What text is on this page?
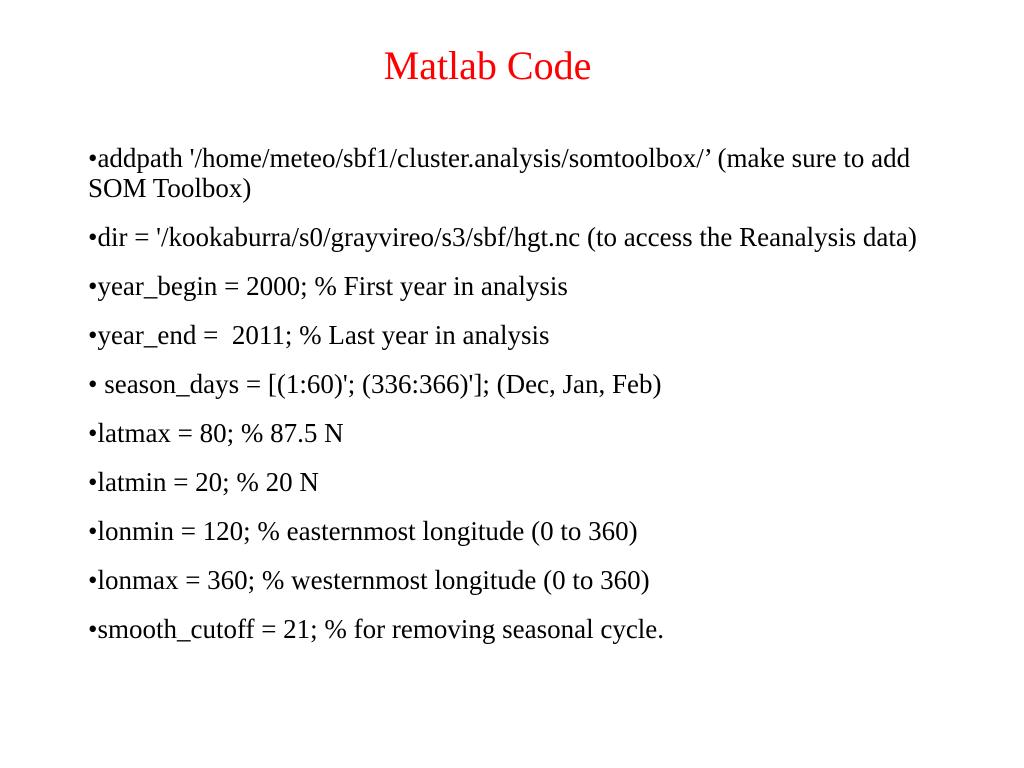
Matlab Code
•addpath '/home/meteo/sbf1/cluster.analysis/somtoolbox/’ (make sure to add SOM Toolbox)
•dir = '/kookaburra/s0/grayvireo/s3/sbf/hgt.nc (to access the Reanalysis data)
•year_begin = 2000; % First year in analysis
•year_end =  2011; % Last year in analysis
• season_days = [(1:60)'; (336:366)']; (Dec, Jan, Feb)
•latmax = 80; % 87.5 N
•latmin = 20; % 20 N
•lonmin = 120; % easternmost longitude (0 to 360)
•lonmax = 360; % westernmost longitude (0 to 360)
•smooth_cutoff = 21; % for removing seasonal cycle.
